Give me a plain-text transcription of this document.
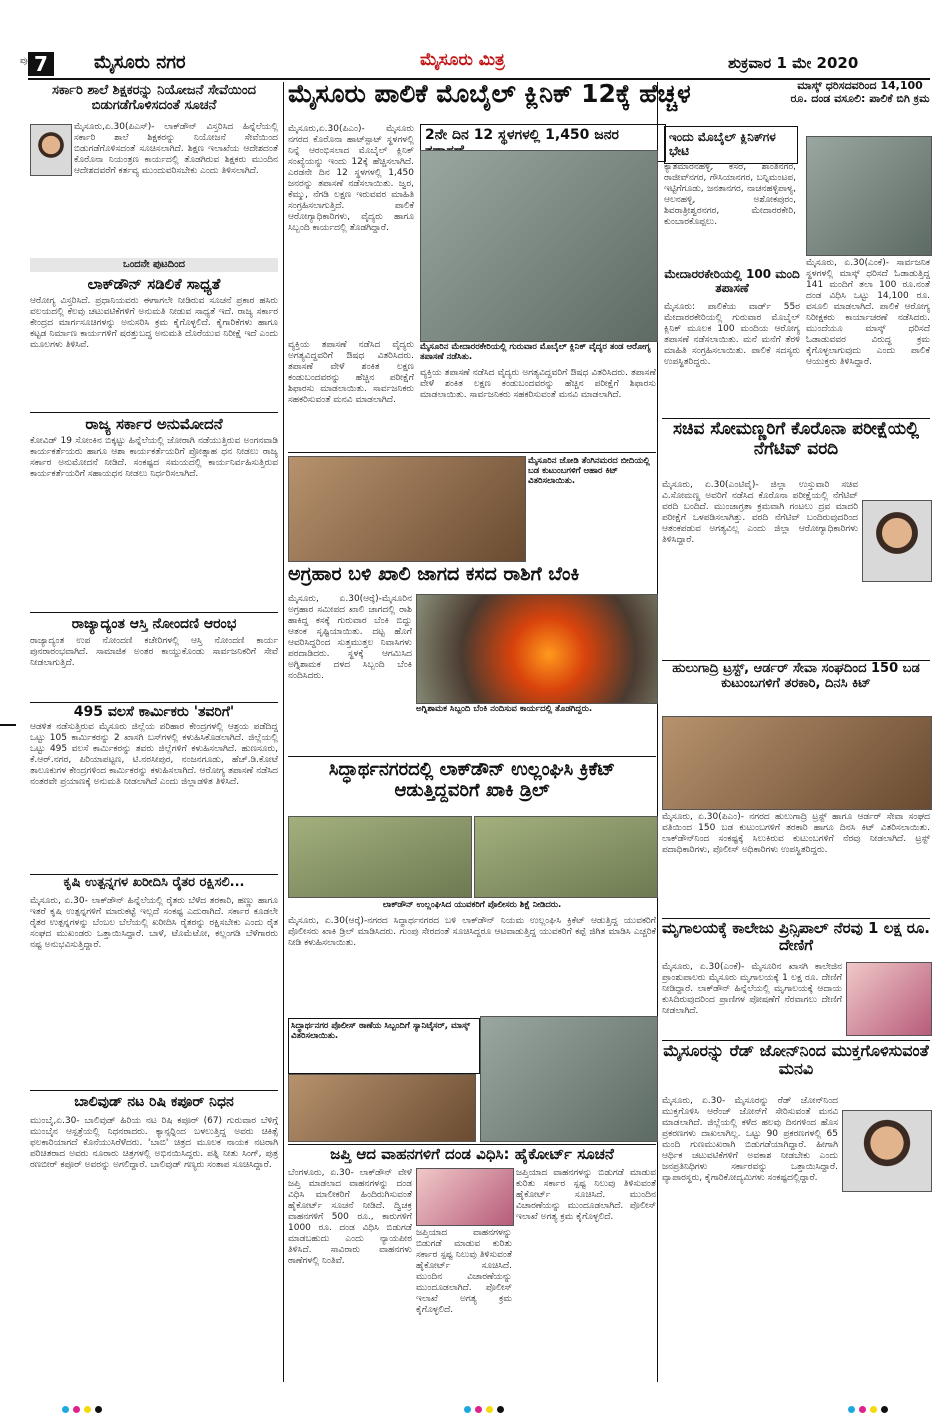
7
ಪುಟ	ಮೈಸೂರು ನಗರ	ಮೈಸೂರು ಮಿತ್ರ	ಶುಕ್ರವಾರ 1 ಮೇ 2020
ಸರ್ಕಾರಿ ಶಾಲೆ ಶಿಕ್ಷಕರನ್ನು ನಿಯೋಜನೆ ಸೇವೆಯಿಂದ ಬಿಡುಗಡೆಗೊಳಿಸದಂತೆ ಸೂಚನೆ
ಮೈಸೂರು,ಏ.30(ಪಿಎಸ್)- ಲಾಕ್‍ಡೌನ್ ವಿಸ್ತರಿಸಿದ ಹಿನ್ನೆಲೆಯಲ್ಲಿ ಸರ್ಕಾರಿ ಶಾಲೆ ಶಿಕ್ಷಕರನ್ನು ನಿಯೋಜನೆ ಸೇವೆಯಿಂದ ಬಿಡುಗಡೆಗೊಳಿಸದಂತೆ ಸೂಚಿಸಲಾಗಿದೆ. ಶಿಕ್ಷಣ ಇಲಾಖೆಯ ಆದೇಶದಂತೆ ಕೊರೊನಾ ನಿಯಂತ್ರಣ ಕಾರ್ಯದಲ್ಲಿ ತೊಡಗಿರುವ ಶಿಕ್ಷಕರು ಮುಂದಿನ ಆದೇಶದವರೆಗೆ ಕರ್ತವ್ಯ ಮುಂದುವರಿಸಬೇಕು ಎಂದು ತಿಳಿಸಲಾಗಿದೆ.
ಒಂದನೇ ಪುಟದಿಂದ
ಲಾಕ್‍ಡೌನ್ ಸಡಿಲಿಕೆ ಸಾಧ್ಯತೆ
ಆರೋಗ್ಯ ವಿಸ್ತರಿಸಿದೆ. ಪ್ರಧಾನಿಯವರು ಈಗಾಗಲೇ ನೀಡಿರುವ ಸೂಚನೆ ಪ್ರಕಾರ ಹಸಿರು ವಲಯದಲ್ಲಿ ಕೆಲವು ಚಟುವಟಿಕೆಗಳಿಗೆ ಅನುಮತಿ ನೀಡುವ ಸಾಧ್ಯತೆ ಇದೆ. ರಾಜ್ಯ ಸರ್ಕಾರ ಕೇಂದ್ರದ ಮಾರ್ಗಸೂಚಿಗಳನ್ನು ಅನುಸರಿಸಿ ಕ್ರಮ ಕೈಗೊಳ್ಳಲಿದೆ. ಕೈಗಾರಿಕೆಗಳು ಹಾಗೂ ಕಟ್ಟಡ ನಿರ್ಮಾಣ ಕಾರ್ಯಗಳಿಗೆ ಷರತ್ತುಬದ್ಧ ಅನುಮತಿ ದೊರೆಯುವ ನಿರೀಕ್ಷೆ ಇದೆ ಎಂದು ಮೂಲಗಳು ತಿಳಿಸಿವೆ.
ರಾಜ್ಯ ಸರ್ಕಾರ ಅನುಮೋದನೆ
ಕೋವಿಡ್ 19 ಸೋಂಕಿನ ಬಿಕ್ಕಟ್ಟು ಹಿನ್ನೆಲೆಯಲ್ಲಿ ಜೋರಾಗಿ ನಡೆಯುತ್ತಿರುವ ಅಂಗನವಾಡಿ ಕಾರ್ಯಕರ್ತೆಯರು ಹಾಗೂ ಆಶಾ ಕಾರ್ಯಕರ್ತೆಯರಿಗೆ ಪ್ರೋತ್ಸಾಹ ಧನ ನೀಡಲು ರಾಜ್ಯ ಸರ್ಕಾರ ಅನುಮೋದನೆ ನೀಡಿದೆ. ಸಂಕಷ್ಟದ ಸಮಯದಲ್ಲಿ ಕಾರ್ಯನಿರ್ವಹಿಸುತ್ತಿರುವ ಕಾರ್ಯಕರ್ತೆಯರಿಗೆ ಸಹಾಯಧನ ನೀಡಲು ನಿರ್ಧರಿಸಲಾಗಿದೆ.
ರಾಜ್ಯಾದ್ಯಂತ ಆಸ್ತಿ ನೋಂದಣಿ ಆರಂಭ
ರಾಜ್ಯಾದ್ಯಂತ ಉಪ ನೋಂದಣಿ ಕಚೇರಿಗಳಲ್ಲಿ ಆಸ್ತಿ ನೋಂದಣಿ ಕಾರ್ಯ ಪುನರಾರಂಭವಾಗಿದೆ. ಸಾಮಾಜಿಕ ಅಂತರ ಕಾಯ್ದುಕೊಂಡು ಸಾರ್ವಜನಿಕರಿಗೆ ಸೇವೆ ನೀಡಲಾಗುತ್ತಿದೆ.
495 ವಲಸೆ ಕಾರ್ಮಿಕರು 'ತವರಿಗೆ'
ಆಡಳಿತ ನಡೆಸುತ್ತಿರುವ ಮೈಸೂರು ಜಿಲ್ಲೆಯ ಪರಿಹಾರ ಕೇಂದ್ರಗಳಲ್ಲಿ ಆಶ್ರಯ ಪಡೆದಿದ್ದ ಒಟ್ಟು 105 ಕಾರ್ಮಿಕರನ್ನು 2 ಖಾಸಗಿ ಬಸ್‍ಗಳಲ್ಲಿ ಕಳುಹಿಸಿಕೊಡಲಾಗಿದೆ. ಜಿಲ್ಲೆಯಲ್ಲಿ ಒಟ್ಟು 495 ವಲಸೆ ಕಾರ್ಮಿಕರನ್ನು ತವರು ಜಿಲ್ಲೆಗಳಿಗೆ ಕಳುಹಿಸಲಾಗಿದೆ. ಹುಣಸೂರು, ಕೆ.ಆರ್.ನಗರ, ಪಿರಿಯಾಪಟ್ಟಣ, ಟಿ.ನರಸೀಪುರ, ನಂಜನಗೂಡು, ಹೆಚ್.ಡಿ.ಕೋಟೆ ತಾಲೂಕುಗಳ ಕೇಂದ್ರಗಳಿಂದ ಕಾರ್ಮಿಕರನ್ನು ಕಳುಹಿಸಲಾಗಿದೆ. ಆರೋಗ್ಯ ತಪಾಸಣೆ ನಡೆಸಿದ ನಂತರವೇ ಪ್ರಯಾಣಕ್ಕೆ ಅನುಮತಿ ನೀಡಲಾಗಿದೆ ಎಂದು ಜಿಲ್ಲಾಡಳಿತ ತಿಳಿಸಿದೆ.
ಕೃಷಿ ಉತ್ಪನ್ನಗಳ ಖರೀದಿಸಿ ರೈತರ ರಕ್ಷಿಸಲಿ...
ಮೈಸೂರು, ಏ.30- ಲಾಕ್‍ಡೌನ್ ಹಿನ್ನೆಲೆಯಲ್ಲಿ ರೈತರು ಬೆಳೆದ ತರಕಾರಿ, ಹಣ್ಣು ಹಾಗೂ ಇತರೆ ಕೃಷಿ ಉತ್ಪನ್ನಗಳಿಗೆ ಮಾರುಕಟ್ಟೆ ಇಲ್ಲದೆ ಸಂಕಷ್ಟ ಎದುರಾಗಿದೆ. ಸರ್ಕಾರ ಕೂಡಲೇ ರೈತರ ಉತ್ಪನ್ನಗಳನ್ನು ಬೆಂಬಲ ಬೆಲೆಯಲ್ಲಿ ಖರೀದಿಸಿ ರೈತರನ್ನು ರಕ್ಷಿಸಬೇಕು ಎಂದು ರೈತ ಸಂಘದ ಮುಖಂಡರು ಒತ್ತಾಯಿಸಿದ್ದಾರೆ. ಬಾಳೆ, ಟೊಮೆಟೋ, ಕಲ್ಲಂಗಡಿ ಬೆಳೆಗಾರರು ನಷ್ಟ ಅನುಭವಿಸುತ್ತಿದ್ದಾರೆ.
ಬಾಲಿವುಡ್ ನಟ ರಿಷಿ ಕಪೂರ್ ನಿಧನ
ಮುಂಬೈ,ಏ.30- ಬಾಲಿವುಡ್ ಹಿರಿಯ ನಟ ರಿಷಿ ಕಪೂರ್ (67) ಗುರುವಾರ ಬೆಳಿಗ್ಗೆ ಮುಂಬೈನ ಆಸ್ಪತ್ರೆಯಲ್ಲಿ ನಿಧನರಾದರು. ಕ್ಯಾನ್ಸರ್‍ನಿಂದ ಬಳಲುತ್ತಿದ್ದ ಅವರು ಚಿಕಿತ್ಸೆ ಫಲಕಾರಿಯಾಗದೆ ಕೊನೆಯುಸಿರೆಳೆದರು. 'ಬಾಬಿ' ಚಿತ್ರದ ಮೂಲಕ ನಾಯಕ ನಟರಾಗಿ ಪರಿಚಿತರಾದ ಅವರು ನೂರಾರು ಚಿತ್ರಗಳಲ್ಲಿ ಅಭಿನಯಿಸಿದ್ದರು. ಪತ್ನಿ ನೀತು ಸಿಂಗ್, ಪುತ್ರ ರಣಬೀರ್ ಕಪೂರ್ ಅವರನ್ನು ಅಗಲಿದ್ದಾರೆ. ಬಾಲಿವುಡ್ ಗಣ್ಯರು ಸಂತಾಪ ಸೂಚಿಸಿದ್ದಾರೆ.
ಮೈಸೂರು ಪಾಲಿಕೆ ಮೊಬೈಲ್ ಕ್ಲಿನಿಕ್ 12ಕ್ಕೆ ಹೆಚ್ಚಳ
2ನೇ ದಿನ 12 ಸ್ಥಳಗಳಲ್ಲಿ 1,450 ಜನರ
ಮೈಸೂರು,ಏ.30(ಪಿಎಂ)- ಮೈಸೂರು ನಗರದ ಕೊರೊನಾ ಹಾಟ್‍ಸ್ಪಾಟ್ ಸ್ಥಳಗಳಲ್ಲಿ ನಿನ್ನೆ ಆರಂಭಿಸಲಾದ ಮೊಬೈಲ್ ಕ್ಲಿನಿಕ್ ಸಂಖ್ಯೆಯನ್ನು ಇಂದು 12ಕ್ಕೆ ಹೆಚ್ಚಿಸಲಾಗಿದೆ. ಎರಡನೇ ದಿನ 12 ಸ್ಥಳಗಳಲ್ಲಿ 1,450 ಜನರನ್ನು ತಪಾಸಣೆ ನಡೆಸಲಾಯಿತು. ಜ್ವರ, ಕೆಮ್ಮು, ನೆಗಡಿ ಲಕ್ಷಣ ಇರುವವರ ಮಾಹಿತಿ ಸಂಗ್ರಹಿಸಲಾಗುತ್ತಿದೆ. ಪಾಲಿಕೆ ಆರೋಗ್ಯಾಧಿಕಾರಿಗಳು, ವೈದ್ಯರು ಹಾಗೂ ಸಿಬ್ಬಂದಿ ಕಾರ್ಯದಲ್ಲಿ ತೊಡಗಿದ್ದಾರೆ.
ಮೈಸೂರಿನ ಮೇದಾರರಕೇರಿಯಲ್ಲಿ ಗುರುವಾರ ಮೊಬೈಲ್ ಕ್ಲಿನಿಕ್ ವೈದ್ಯರ ತಂಡ ಆರೋಗ್ಯ ತಪಾಸಣೆ ನಡೆಸಿತು.
ವ್ಯಕ್ತಿಯ ತಪಾಸಣೆ ನಡೆಸಿದ ವೈದ್ಯರು ಅಗತ್ಯವಿದ್ದವರಿಗೆ ಔಷಧ ವಿತರಿಸಿದರು. ತಪಾಸಣೆ ವೇಳೆ ಶಂಕಿತ ಲಕ್ಷಣ ಕಂಡುಬಂದವರನ್ನು ಹೆಚ್ಚಿನ ಪರೀಕ್ಷೆಗೆ ಶಿಫಾರಸು ಮಾಡಲಾಯಿತು. ಸಾರ್ವಜನಿಕರು ಸಹಕರಿಸುವಂತೆ ಮನವಿ ಮಾಡಲಾಗಿದೆ.
ವ್ಯಕ್ತಿಯ ತಪಾಸಣೆ ನಡೆಸಿದ ವೈದ್ಯರು ಅಗತ್ಯವಿದ್ದವರಿಗೆ ಔಷಧ ವಿತರಿಸಿದರು. ತಪಾಸಣೆ ವೇಳೆ ಶಂಕಿತ ಲಕ್ಷಣ ಕಂಡುಬಂದವರನ್ನು ಹೆಚ್ಚಿನ ಪರೀಕ್ಷೆಗೆ ಶಿಫಾರಸು ಮಾಡಲಾಯಿತು. ಸಾರ್ವಜನಿಕರು ಸಹಕರಿಸುವಂತೆ ಮನವಿ ಮಾಡಲಾಗಿದೆ.
ಮೈಸೂರಿನ ಜೋಡಿ ತೆಂಗಿನಮರದ ಬೀದಿಯಲ್ಲಿ ಬಡ ಕುಟುಂಬಗಳಿಗೆ ಆಹಾರ ಕಿಟ್ ವಿತರಿಸಲಾಯಿತು.
ಅಗ್ರಹಾರ ಬಳಿ ಖಾಲಿ ಜಾಗದ ಕಸದ ರಾಶಿಗೆ ಬೆಂಕಿ
ಮೈಸೂರು, ಏ.30(ಆರ್‍ಕೆ)-ಮೈಸೂರಿನ ಅಗ್ರಹಾರ ಸಮೀಪದ ಖಾಲಿ ಜಾಗದಲ್ಲಿ ರಾಶಿ ಹಾಕಿದ್ದ ಕಸಕ್ಕೆ ಗುರುವಾರ ಬೆಂಕಿ ಬಿದ್ದು ಆತಂಕ ಸೃಷ್ಟಿಯಾಯಿತು. ದಟ್ಟ ಹೊಗೆ ಆವರಿಸಿದ್ದರಿಂದ ಸುತ್ತಮುತ್ತಲ ನಿವಾಸಿಗಳು ಪರದಾಡಿದರು. ಸ್ಥಳಕ್ಕೆ ಆಗಮಿಸಿದ ಅಗ್ನಿಶಾಮಕ ದಳದ ಸಿಬ್ಬಂದಿ ಬೆಂಕಿ ನಂದಿಸಿದರು.
ಅಗ್ನಿಶಾಮಕ ಸಿಬ್ಬಂದಿ ಬೆಂಕಿ ನಂದಿಸುವ ಕಾರ್ಯದಲ್ಲಿ ತೊಡಗಿದ್ದರು.
ಸಿದ್ಧಾರ್ಥನಗರದಲ್ಲಿ ಲಾಕ್‍ಡೌನ್ ಉಲ್ಲಂಘಿಸಿ ಕ್ರಿಕೆಟ್ ಆಡುತ್ತಿದ್ದವರಿಗೆ ಖಾಕಿ ಡ್ರಿಲ್
ಲಾಕ್‍ಡೌನ್ ಉಲ್ಲಂಘಿಸಿದ ಯುವಕರಿಗೆ ಪೊಲೀಸರು ಶಿಕ್ಷೆ ನೀಡಿದರು.
ಮೈಸೂರು, ಏ.30(ಆರ್‍ಕೆ)-ನಗರದ ಸಿದ್ಧಾರ್ಥನಗರದ ಬಳಿ ಲಾಕ್‍ಡೌನ್ ನಿಯಮ ಉಲ್ಲಂಘಿಸಿ ಕ್ರಿಕೆಟ್ ಆಡುತ್ತಿದ್ದ ಯುವಕರಿಗೆ ಪೊಲೀಸರು ಖಾಕಿ ಡ್ರಿಲ್ ಮಾಡಿಸಿದರು. ಗುಂಪು ಸೇರದಂತೆ ಸೂಚಿಸಿದ್ದರೂ ಆಟವಾಡುತ್ತಿದ್ದ ಯುವಕರಿಗೆ ಕಪ್ಪೆ ಜಿಗಿತ ಮಾಡಿಸಿ ಎಚ್ಚರಿಕೆ ನೀಡಿ ಕಳುಹಿಸಲಾಯಿತು.
ಸಿದ್ಧಾರ್ಥನಗರ ಪೊಲೀಸ್ ಠಾಣೆಯ ಸಿಬ್ಬಂದಿಗೆ ಸ್ಯಾನಿಟೈಸರ್, ಮಾಸ್ಕ್ ವಿತರಿಸಲಾಯಿತು.
ಜಪ್ತಿ ಆದ ವಾಹನಗಳಿಗೆ ದಂಡ ವಿಧಿಸಿ: ಹೈಕೋರ್ಟ್ ಸೂಚನೆ
ಬೆಂಗಳೂರು, ಏ.30- ಲಾಕ್‍ಡೌನ್ ವೇಳೆ ಜಪ್ತಿ ಮಾಡಲಾದ ವಾಹನಗಳನ್ನು ದಂಡ ವಿಧಿಸಿ ಮಾಲೀಕರಿಗೆ ಹಿಂದಿರುಗಿಸುವಂತೆ ಹೈಕೋರ್ಟ್ ಸೂಚನೆ ನೀಡಿದೆ. ದ್ವಿಚಕ್ರ ವಾಹನಗಳಿಗೆ 500 ರೂ., ಕಾರುಗಳಿಗೆ 1000 ರೂ. ದಂಡ ವಿಧಿಸಿ ಬಿಡುಗಡೆ ಮಾಡಬಹುದು ಎಂದು ನ್ಯಾಯಪೀಠ ತಿಳಿಸಿದೆ. ಸಾವಿರಾರು ವಾಹನಗಳು ಠಾಣೆಗಳಲ್ಲಿ ನಿಂತಿವೆ.
ಜಪ್ತಿಯಾದ ವಾಹನಗಳನ್ನು ಬಿಡುಗಡೆ ಮಾಡುವ ಕುರಿತು ಸರ್ಕಾರ ಸ್ಪಷ್ಟ ನಿಲುವು ತಿಳಿಸುವಂತೆ ಹೈಕೋರ್ಟ್ ಸೂಚಿಸಿದೆ. ಮುಂದಿನ ವಿಚಾರಣೆಯನ್ನು ಮುಂದೂಡಲಾಗಿದೆ. ಪೊಲೀಸ್ ಇಲಾಖೆ ಅಗತ್ಯ ಕ್ರಮ ಕೈಗೊಳ್ಳಲಿದೆ.
ಜಪ್ತಿಯಾದ ವಾಹನಗಳನ್ನು ಬಿಡುಗಡೆ ಮಾಡುವ ಕುರಿತು ಸರ್ಕಾರ ಸ್ಪಷ್ಟ ನಿಲುವು ತಿಳಿಸುವಂತೆ ಹೈಕೋರ್ಟ್ ಸೂಚಿಸಿದೆ. ಮುಂದಿನ ವಿಚಾರಣೆಯನ್ನು ಮುಂದೂಡಲಾಗಿದೆ. ಪೊಲೀಸ್ ಇಲಾಖೆ ಅಗತ್ಯ ಕ್ರಮ ಕೈಗೊಳ್ಳಲಿದೆ.
ಇಂದು ಮೊಬೈಲ್ ಕ್ಲಿನಿಕ್‍ಗಳ ಭೇಟಿ
ಕ್ಯಾತಮಾರನಹಳ್ಳಿ, ಕೆಸರೆ, ಶಾಂತಿನಗರ, ರಾಜೀವ್‍ನಗರ, ಗೌಸಿಯಾನಗರ, ಬನ್ನಿಮಂಟಪ, ಇಟ್ಟಿಗೆಗೂಡು, ಜನತಾನಗರ, ನಾಚನಹಳ್ಳಿಪಾಳ್ಯ, ಆಲನಹಳ್ಳಿ, ಅಶೋಕಪುರಂ, ಶಿವರಾತ್ರೀಶ್ವರನಗರ, ಮೇದಾರರಕೇರಿ, ಕುಂಬಾರಕೊಪ್ಪಲು.
ಮೇದಾರರಕೇರಿಯಲ್ಲಿ 100 ಮಂದಿ ತಪಾಸಣೆ
ಮೈಸೂರು: ಪಾಲಿಕೆಯ ವಾರ್ಡ್ 55ರ ಮೇದಾರರಕೇರಿಯಲ್ಲಿ ಗುರುವಾರ ಮೊಬೈಲ್ ಕ್ಲಿನಿಕ್ ಮೂಲಕ 100 ಮಂದಿಯ ಆರೋಗ್ಯ ತಪಾಸಣೆ ನಡೆಸಲಾಯಿತು. ಮನೆ ಮನೆಗೆ ತೆರಳಿ ಮಾಹಿತಿ ಸಂಗ್ರಹಿಸಲಾಯಿತು. ಪಾಲಿಕೆ ಸದಸ್ಯರು ಉಪಸ್ಥಿತರಿದ್ದರು.
ಮಾಸ್ಕ್ ಧರಿಸದವರಿಂದ 14,100 ರೂ. ದಂಡ ವಸೂಲಿ: ಪಾಲಿಕೆ ಬಿಗಿ ಕ್ರಮ
ಮೈಸೂರು, ಏ.30(ಎಂಕೆ)- ಸಾರ್ವಜನಿಕ ಸ್ಥಳಗಳಲ್ಲಿ ಮಾಸ್ಕ್ ಧರಿಸದೆ ಓಡಾಡುತ್ತಿದ್ದ 141 ಮಂದಿಗೆ ತಲಾ 100 ರೂ.ನಂತೆ ದಂಡ ವಿಧಿಸಿ ಒಟ್ಟು 14,100 ರೂ. ವಸೂಲಿ ಮಾಡಲಾಗಿದೆ. ಪಾಲಿಕೆ ಆರೋಗ್ಯ ನಿರೀಕ್ಷಕರು ಕಾರ್ಯಾಚರಣೆ ನಡೆಸಿದರು. ಮುಂದೆಯೂ ಮಾಸ್ಕ್ ಧರಿಸದೆ ಓಡಾಡುವವರ ವಿರುದ್ಧ ಕ್ರಮ ಕೈಗೊಳ್ಳಲಾಗುವುದು ಎಂದು ಪಾಲಿಕೆ ಆಯುಕ್ತರು ತಿಳಿಸಿದ್ದಾರೆ.
ಸಚಿವ ಸೋಮಣ್ಣರಿಗೆ ಕೊರೊನಾ ಪರೀಕ್ಷೆಯಲ್ಲಿ ನೆಗೆಟಿವ್ ವರದಿ
ಮೈಸೂರು, ಏ.30(ಎಂಟಿವೈ)- ಜಿಲ್ಲಾ ಉಸ್ತುವಾರಿ ಸಚಿವ ವಿ.ಸೋಮಣ್ಣ ಅವರಿಗೆ ನಡೆಸಿದ ಕೊರೊನಾ ಪರೀಕ್ಷೆಯಲ್ಲಿ ನೆಗೆಟಿವ್ ವರದಿ ಬಂದಿದೆ. ಮುಂಜಾಗ್ರತಾ ಕ್ರಮವಾಗಿ ಗಂಟಲು ದ್ರವ ಮಾದರಿ ಪರೀಕ್ಷೆಗೆ ಒಳಪಡಿಸಲಾಗಿತ್ತು. ವರದಿ ನೆಗೆಟಿವ್ ಬಂದಿರುವುದರಿಂದ ಆತಂಕಪಡುವ ಅಗತ್ಯವಿಲ್ಲ ಎಂದು ಜಿಲ್ಲಾ ಆರೋಗ್ಯಾಧಿಕಾರಿಗಳು ತಿಳಿಸಿದ್ದಾರೆ.
ಹುಲುಗಾದ್ರಿ ಟ್ರಸ್ಟ್, ಆರ್ಡರ್ ಸೇವಾ ಸಂಘದಿಂದ 150 ಬಡ ಕುಟುಂಬಗಳಿಗೆ ತರಕಾರಿ, ದಿನಸಿ ಕಿಟ್
ಮೈಸೂರು, ಏ.30(ಪಿಎಂ)- ನಗರದ ಹುಲುಗಾದ್ರಿ ಟ್ರಸ್ಟ್ ಹಾಗೂ ಆರ್ಡರ್ ಸೇವಾ ಸಂಘದ ವತಿಯಿಂದ 150 ಬಡ ಕುಟುಂಬಗಳಿಗೆ ತರಕಾರಿ ಹಾಗೂ ದಿನಸಿ ಕಿಟ್ ವಿತರಿಸಲಾಯಿತು. ಲಾಕ್‍ಡೌನ್‍ನಿಂದ ಸಂಕಷ್ಟಕ್ಕೆ ಸಿಲುಕಿರುವ ಕುಟುಂಬಗಳಿಗೆ ನೆರವು ನೀಡಲಾಗಿದೆ. ಟ್ರಸ್ಟ್ ಪದಾಧಿಕಾರಿಗಳು, ಪೊಲೀಸ್ ಅಧಿಕಾರಿಗಳು ಉಪಸ್ಥಿತರಿದ್ದರು.
ಮೃಗಾಲಯಕ್ಕೆ ಕಾಲೇಜು ಪ್ರಿನ್ಸಿಪಾಲ್ ನೆರವು 1 ಲಕ್ಷ ರೂ. ದೇಣಿಗೆ
ಮೈಸೂರು, ಏ.30(ಎಂಕೆ)- ಮೈಸೂರಿನ ಖಾಸಗಿ ಕಾಲೇಜಿನ ಪ್ರಾಂಶುಪಾಲರು ಮೈಸೂರು ಮೃಗಾಲಯಕ್ಕೆ 1 ಲಕ್ಷ ರೂ. ದೇಣಿಗೆ ನೀಡಿದ್ದಾರೆ. ಲಾಕ್‍ಡೌನ್ ಹಿನ್ನೆಲೆಯಲ್ಲಿ ಮೃಗಾಲಯಕ್ಕೆ ಆದಾಯ ಕುಸಿದಿರುವುದರಿಂದ ಪ್ರಾಣಿಗಳ ಪೋಷಣೆಗೆ ನೆರವಾಗಲು ದೇಣಿಗೆ ನೀಡಲಾಗಿದೆ.
ಮೈಸೂರನ್ನು ರೆಡ್ ಜೋನ್‍ನಿಂದ ಮುಕ್ತಗೊಳಿಸುವಂತೆ ಮನವಿ
ಮೈಸೂರು, ಏ.30- ಮೈಸೂರನ್ನು ರೆಡ್ ಜೋನ್‍ನಿಂದ ಮುಕ್ತಗೊಳಿಸಿ ಆರೆಂಜ್ ಜೋನ್‍ಗೆ ಸೇರಿಸುವಂತೆ ಮನವಿ ಮಾಡಲಾಗಿದೆ. ಜಿಲ್ಲೆಯಲ್ಲಿ ಕಳೆದ ಹಲವು ದಿನಗಳಿಂದ ಹೊಸ ಪ್ರಕರಣಗಳು ದಾಖಲಾಗಿಲ್ಲ. ಒಟ್ಟು 90 ಪ್ರಕರಣಗಳಲ್ಲಿ 65 ಮಂದಿ ಗುಣಮುಖರಾಗಿ ಬಿಡುಗಡೆಯಾಗಿದ್ದಾರೆ. ಹೀಗಾಗಿ ಆರ್ಥಿಕ ಚಟುವಟಿಕೆಗಳಿಗೆ ಅವಕಾಶ ನೀಡಬೇಕು ಎಂದು ಜನಪ್ರತಿನಿಧಿಗಳು ಸರ್ಕಾರವನ್ನು ಒತ್ತಾಯಿಸಿದ್ದಾರೆ. ವ್ಯಾಪಾರಸ್ಥರು, ಕೈಗಾರಿಕೋದ್ಯಮಿಗಳು ಸಂಕಷ್ಟದಲ್ಲಿದ್ದಾರೆ.
